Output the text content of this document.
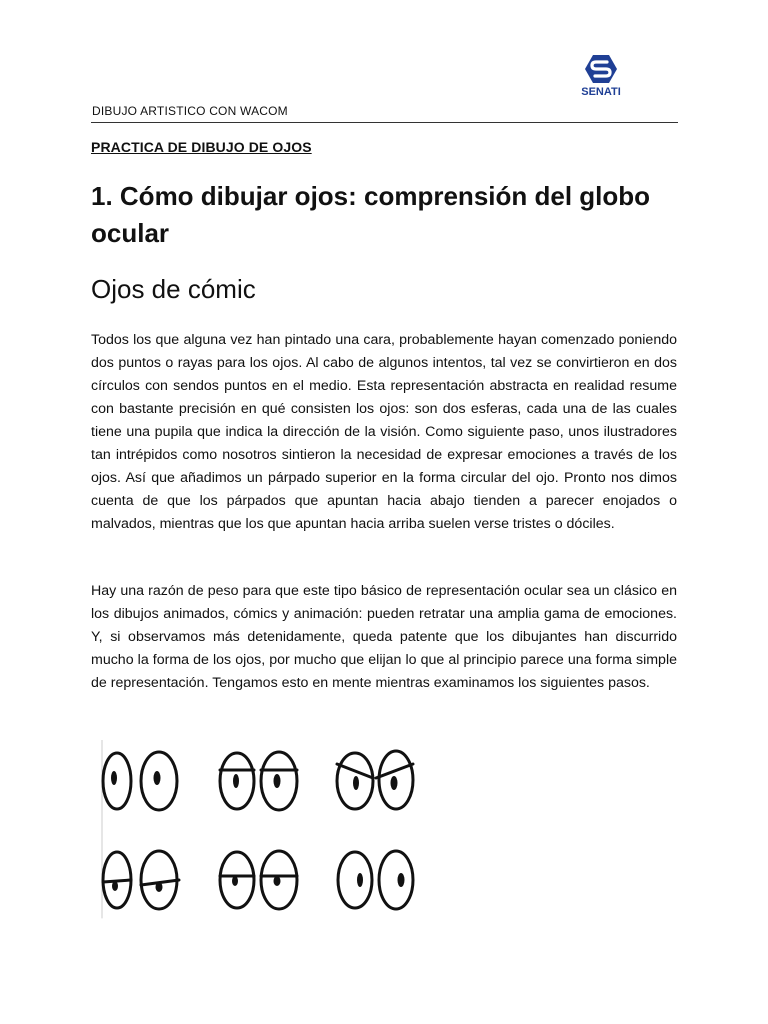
DIBUJO ARTISTICO CON WACOM
SENATI
PRACTICA DE DIBUJO DE OJOS
1. Cómo dibujar ojos: comprensión del globo ocular
Ojos de cómic

Todos los que alguna vez han pintado una cara, probablemente hayan comenzado poniendo dos puntos o rayas para los ojos. Al cabo de algunos intentos, tal vez se convirtieron en dos círculos con sendos puntos en el medio. Esta representación abstracta en realidad resume con bastante precisión en qué consisten los ojos: son dos esferas, cada una de las cuales tiene una pupila que indica la dirección de la visión. Como siguiente paso, unos ilustradores tan intrépidos como nosotros sintieron la necesidad de expresar emociones a través de los ojos. Así que añadimos un párpado superior en la forma circular del ojo. Pronto nos dimos cuenta de que los párpados que apuntan hacia abajo tienden a parecer enojados o malvados, mientras que los que apuntan hacia arriba suelen verse tristes o dóciles.

Hay una razón de peso para que este tipo básico de representación ocular sea un clásico en los dibujos animados, cómics y animación: pueden retratar una amplia gama de emociones. Y, si observamos más detenidamente, queda patente que los dibujantes han discurrido mucho la forma de los ojos, por mucho que elijan lo que al principio parece una forma simple de representación. Tengamos esto en mente mientras examinamos los siguientes pasos.
